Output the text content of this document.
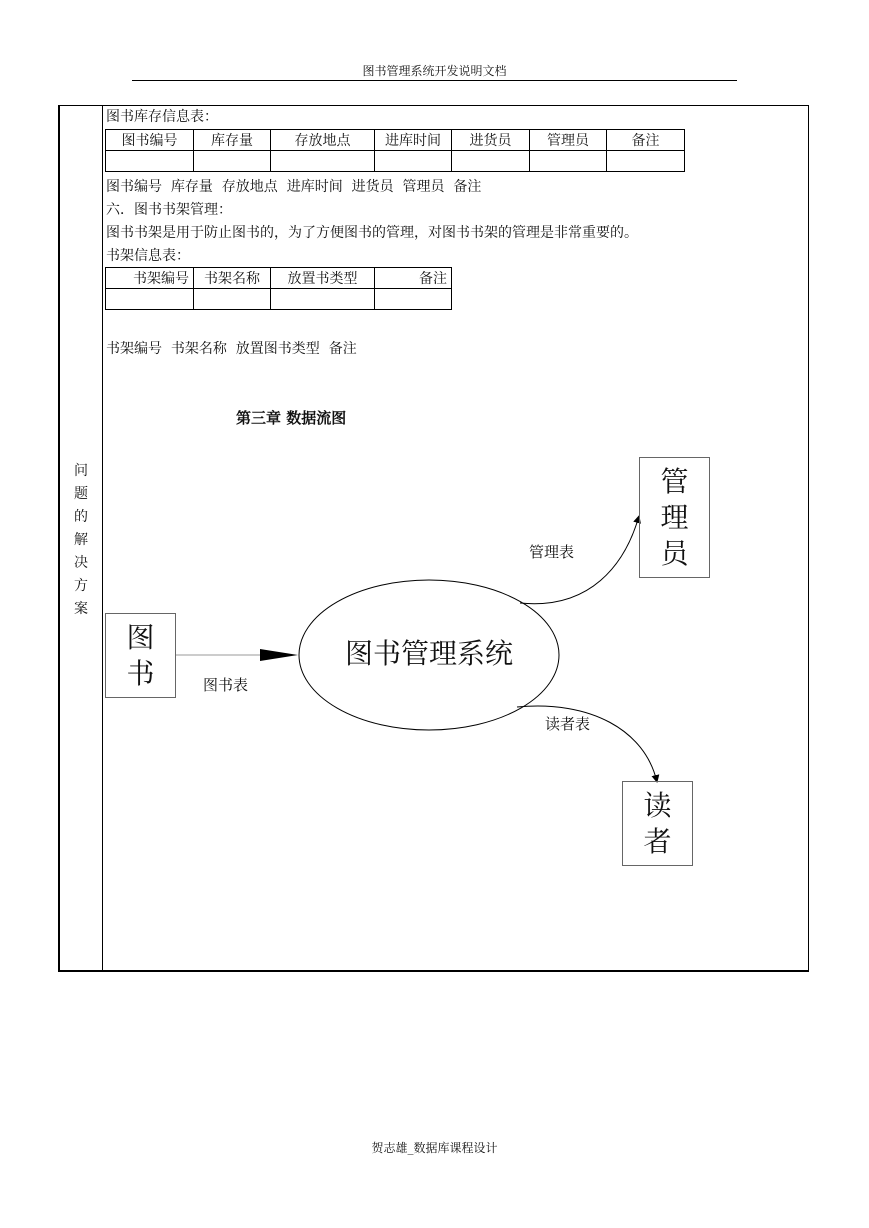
图书管理系统开发说明文档
问
题
的
解
决
方
案
图书库存信息表：
图书编号	库存量	存放地点	进库时间	进货员	管理员	备注

图书编号  库存量  存放地点  进库时间  进货员  管理员  备注
六．图书书架管理：
图书书架是用于防止图书的，为了方便图书的管理，对图书书架的管理是非常重要的。
书架信息表：
书架编号	书架名称	放置书类型	备注

书架编号  书架名称  放置图书类型  备注
第三章 数据流图
图书管理系统
图
书
管
理
员
读
者
图书表
管理表
读者表
贺志雄_数据库课程设计
